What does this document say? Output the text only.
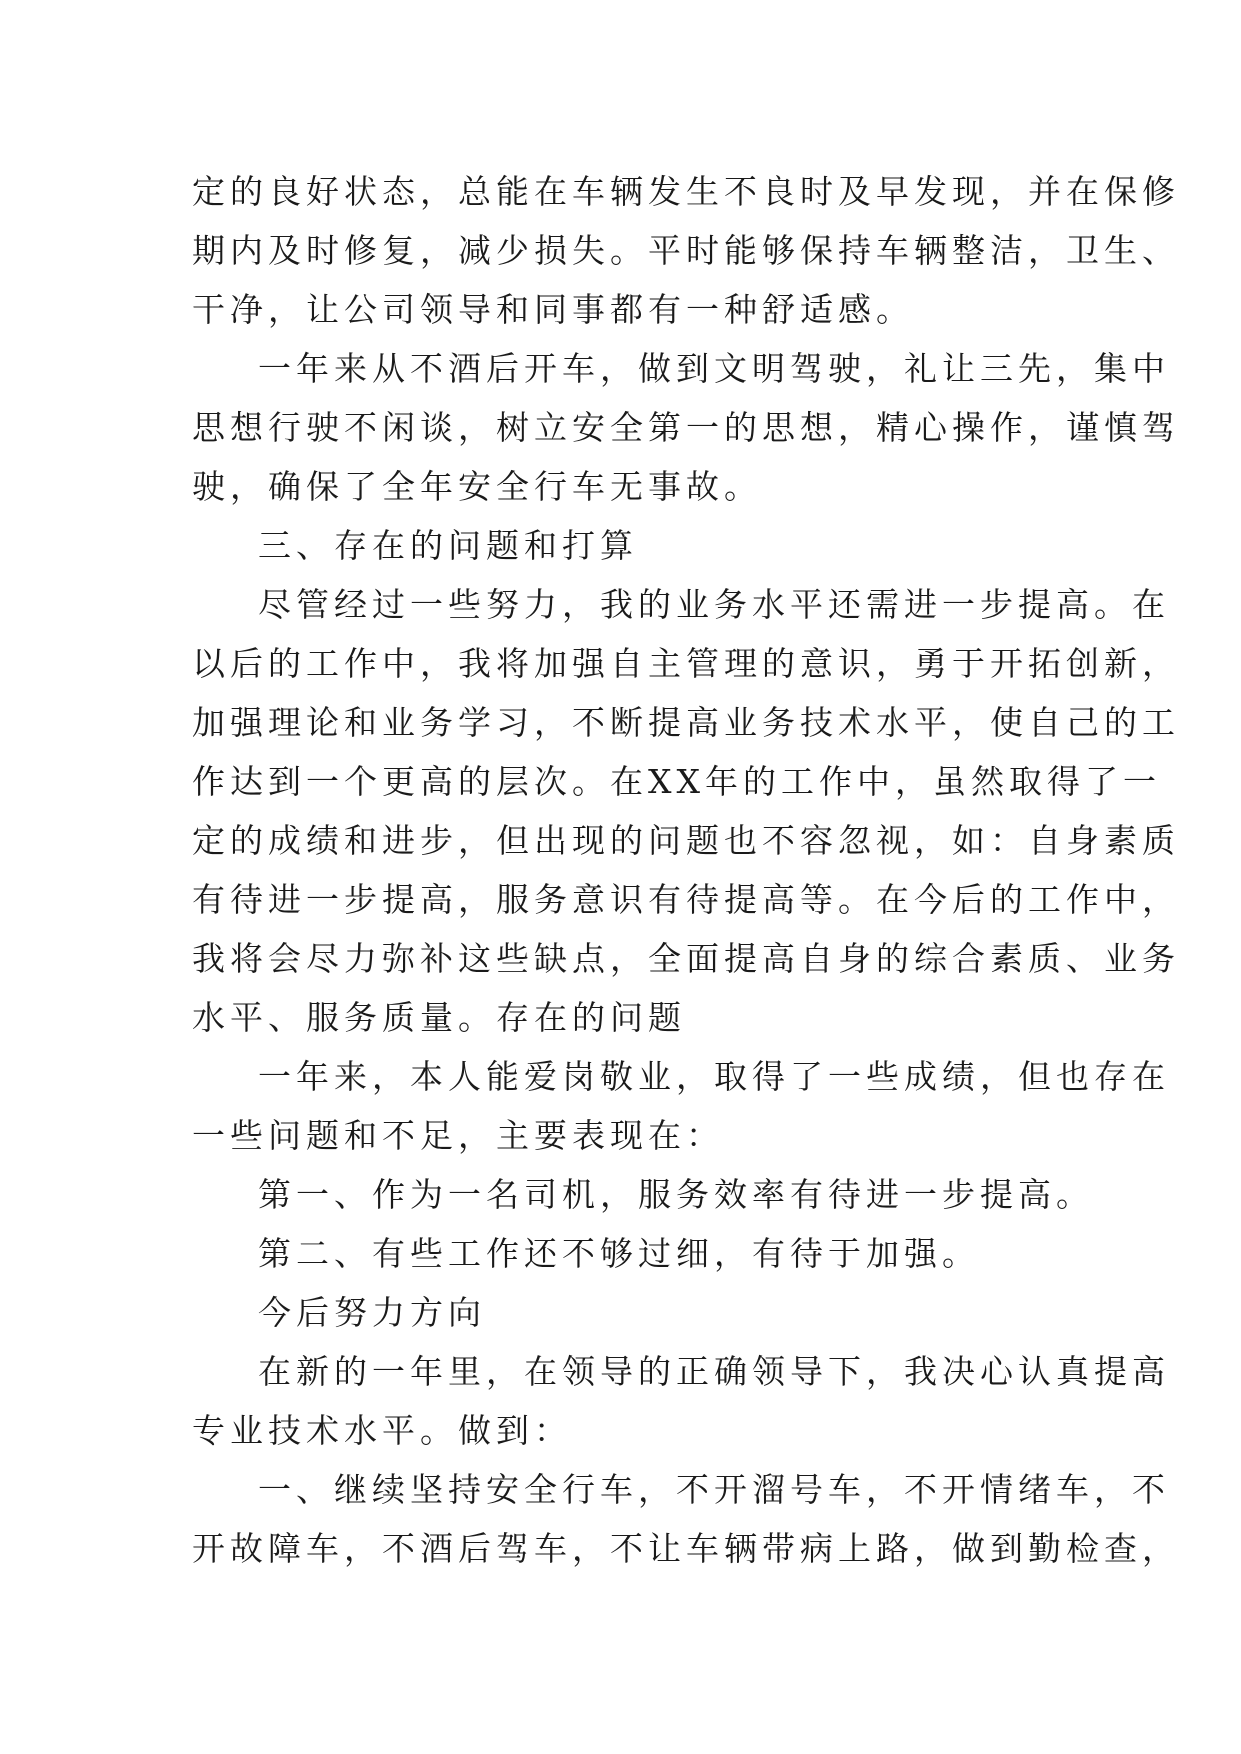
定的良好状态，总能在车辆发生不良时及早发现，并在保修
期内及时修复，减少损失。平时能够保持车辆整洁，卫生、
干净，让公司领导和同事都有一种舒适感。
一年来从不酒后开车，做到文明驾驶，礼让三先，集中
思想行驶不闲谈，树立安全第一的思想，精心操作，谨慎驾
驶，确保了全年安全行车无事故。
三、存在的问题和打算
尽管经过一些努力，我的业务水平还需进一步提高。在
以后的工作中，我将加强自主管理的意识，勇于开拓创新，
加强理论和业务学习，不断提高业务技术水平，使自己的工
作达到一个更高的层次。在XX年的工作中，虽然取得了一
定的成绩和进步，但出现的问题也不容忽视，如：自身素质
有待进一步提高，服务意识有待提高等。在今后的工作中，
我将会尽力弥补这些缺点，全面提高自身的综合素质、业务
水平、服务质量。存在的问题
一年来，本人能爱岗敬业，取得了一些成绩，但也存在
一些问题和不足，主要表现在：
第一、作为一名司机，服务效率有待进一步提高。
第二、有些工作还不够过细，有待于加强。
今后努力方向
在新的一年里，在领导的正确领导下，我决心认真提高
专业技术水平。做到：
一、继续坚持安全行车，不开溜号车，不开情绪车，不
开故障车，不酒后驾车，不让车辆带病上路，做到勤检查，
